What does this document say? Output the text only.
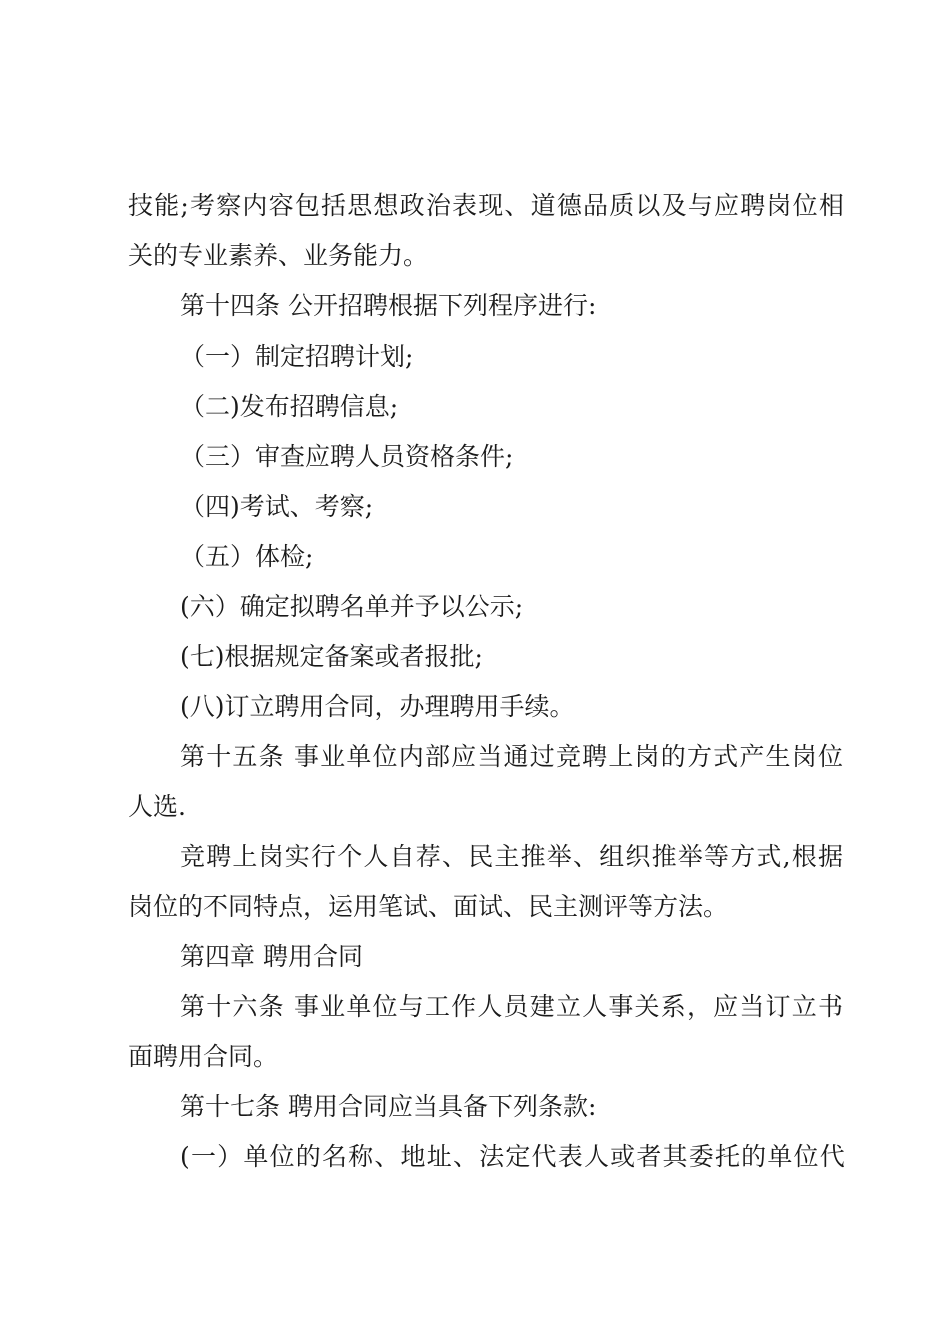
技能;考察内容包括思想政治表现、道德品质以及与应聘岗位相
关的专业素养、业务能力。
第十四条 公开招聘根据下列程序进行:
（一）制定招聘计划;
（二)发布招聘信息;
（三）审查应聘人员资格条件;
（四)考试、考察;
（五）体检;
(六）确定拟聘名单并予以公示;
(七)根据规定备案或者报批;
(八)订立聘用合同，办理聘用手续。
第十五条 事业单位内部应当通过竞聘上岗的方式产生岗位
人选.
竞聘上岗实行个人自荐、民主推举、组织推举等方式,根据
岗位的不同特点，运用笔试、面试、民主测评等方法。
第四章 聘用合同
第十六条 事业单位与工作人员建立人事关系，应当订立书
面聘用合同。
第十七条 聘用合同应当具备下列条款:
(一）单位的名称、地址、法定代表人或者其委托的单位代
